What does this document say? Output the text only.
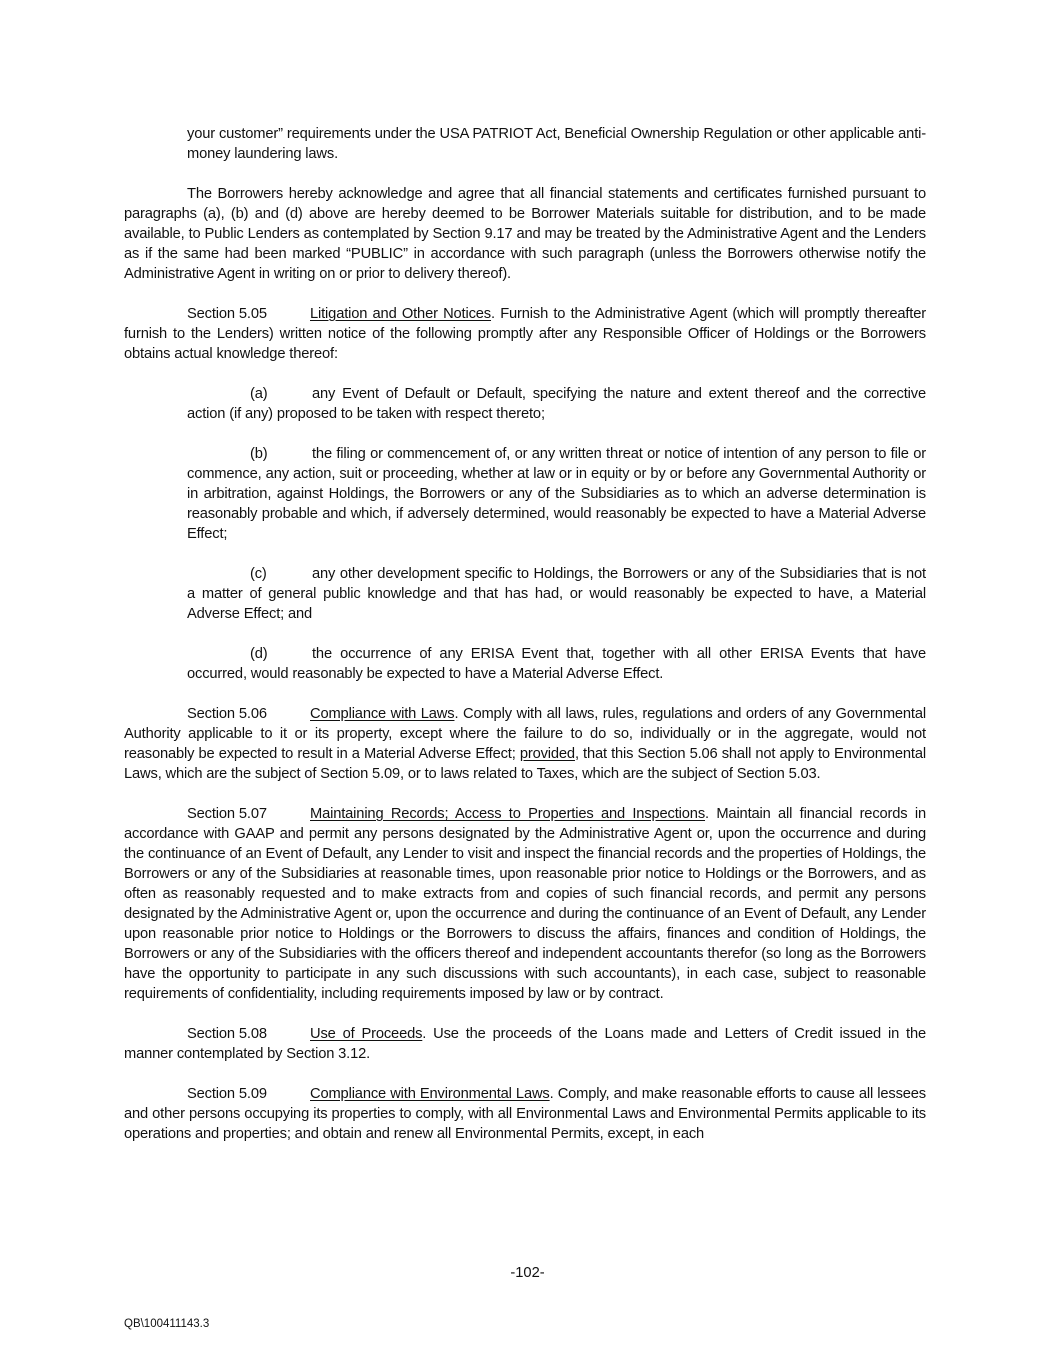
your customer” requirements under the USA PATRIOT Act, Beneficial Ownership Regulation or other applicable anti-money laundering laws.

The Borrowers hereby acknowledge and agree that all financial statements and certificates furnished pursuant to paragraphs (a), (b) and (d) above are hereby deemed to be Borrower Materials suitable for distribution, and to be made available, to Public Lenders as contemplated by Section 9.17 and may be treated by the Administrative Agent and the Lenders as if the same had been marked “PUBLIC” in accordance with such paragraph (unless the Borrowers otherwise notify the Administrative Agent in writing on or prior to delivery thereof).

Section 5.05	Litigation and Other Notices. Furnish to the Administrative Agent (which will promptly thereafter furnish to the Lenders) written notice of the following promptly after any Responsible Officer of Holdings or the Borrowers obtains actual knowledge thereof:

(a)	any Event of Default or Default, specifying the nature and extent thereof and the corrective action (if any) proposed to be taken with respect thereto;

(b)	the filing or commencement of, or any written threat or notice of intention of any person to file or commence, any action, suit or proceeding, whether at law or in equity or by or before any Governmental Authority or in arbitration, against Holdings, the Borrowers or any of the Subsidiaries as to which an adverse determination is reasonably probable and which, if adversely determined, would reasonably be expected to have a Material Adverse Effect;

(c)	any other development specific to Holdings, the Borrowers or any of the Subsidiaries that is not a matter of general public knowledge and that has had, or would reasonably be expected to have, a Material Adverse Effect; and

(d)	the occurrence of any ERISA Event that, together with all other ERISA Events that have occurred, would reasonably be expected to have a Material Adverse Effect.

Section 5.06	Compliance with Laws. Comply with all laws, rules, regulations and orders of any Governmental Authority applicable to it or its property, except where the failure to do so, individually or in the aggregate, would not reasonably be expected to result in a Material Adverse Effect; provided, that this Section 5.06 shall not apply to Environmental Laws, which are the subject of Section 5.09, or to laws related to Taxes, which are the subject of Section 5.03.

Section 5.07	Maintaining Records; Access to Properties and Inspections. Maintain all financial records in accordance with GAAP and permit any persons designated by the Administrative Agent or, upon the occurrence and during the continuance of an Event of Default, any Lender to visit and inspect the financial records and the properties of Holdings, the Borrowers or any of the Subsidiaries at reasonable times, upon reasonable prior notice to Holdings or the Borrowers, and as often as reasonably requested and to make extracts from and copies of such financial records, and permit any persons designated by the Administrative Agent or, upon the occurrence and during the continuance of an Event of Default, any Lender upon reasonable prior notice to Holdings or the Borrowers to discuss the affairs, finances and condition of Holdings, the Borrowers or any of the Subsidiaries with the officers thereof and independent accountants therefor (so long as the Borrowers have the opportunity to participate in any such discussions with such accountants), in each case, subject to reasonable requirements of confidentiality, including requirements imposed by law or by contract.

Section 5.08	Use of Proceeds. Use the proceeds of the Loans made and Letters of Credit issued in the manner contemplated by Section 3.12.

Section 5.09	Compliance with Environmental Laws. Comply, and make reasonable efforts to cause all lessees and other persons occupying its properties to comply, with all Environmental Laws and Environmental Permits applicable to its operations and properties; and obtain and renew all Environmental Permits, except, in each

-102-
QB\100411143.3
